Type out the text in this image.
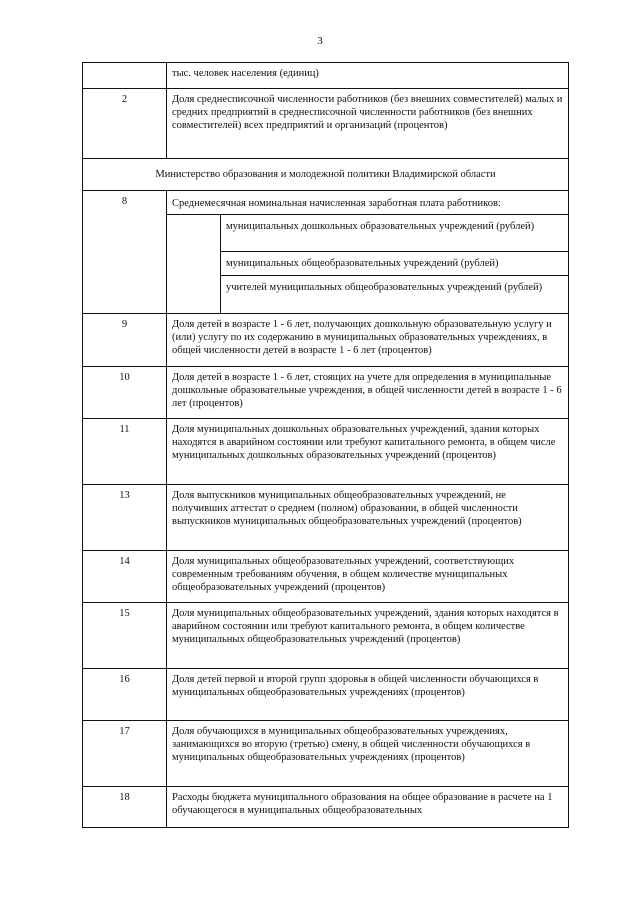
3
	тыс. человек населения (единиц)	
2	Доля среднесписочной численности работников (без внешних совместителей) малых и средних предприятий в среднесписочной численности работников (без внешних совместителей) всех предприятий и организаций (процентов)	
Министерство образования и молодежной политики Владимирской области		
8	Среднемесячная номинальная начисленная заработная плата работников:	
		муниципальных дошкольных образовательных учреждений (рублей)
		муниципальных общеобразовательных учреждений (рублей)
		учителей муниципальных общеобразовательных учреждений (рублей)
9	Доля детей в возрасте 1 - 6 лет, получающих дошкольную образовательную услугу и (или) услугу по их содержанию в муниципальных образовательных учреждениях, в общей численности детей в возрасте 1 - 6 лет (процентов)	
10	Доля детей в возрасте 1 - 6 лет, стоящих на учете для определения в муниципальные дошкольные образовательные учреждения, в общей численности детей в возрасте 1 - 6 лет (процентов)	
11	Доля муниципальных дошкольных образовательных учреждений, здания которых находятся в аварийном состоянии или требуют капитального ремонта, в общем числе муниципальных дошкольных образовательных учреждений (процентов)	
13	Доля выпускников муниципальных общеобразовательных учреждений, не получивших аттестат о среднем (полном) образовании, в общей численности выпускников муниципальных общеобразовательных учреждений (процентов)	
14	Доля муниципальных общеобразовательных учреждений, соответствующих современным требованиям обучения, в общем количестве муниципальных общеобразовательных учреждений (процентов)	
15	Доля муниципальных общеобразовательных учреждений, здания которых находятся в аварийном состоянии или требуют капитального ремонта, в общем количестве муниципальных общеобразовательных учреждений (процентов)	
16	Доля детей первой и второй групп здоровья в общей численности обучающихся в муниципальных общеобразовательных учреждениях (процентов)	
17	Доля обучающихся в муниципальных общеобразовательных учреждениях, занимающихся во вторую (третью) смену, в общей численности обучающихся в муниципальных общеобразовательных учреждениях (процентов)	
18	Расходы бюджета муниципального образования на общее образование в расчете на 1 обучающегося в муниципальных общеобразовательных	
